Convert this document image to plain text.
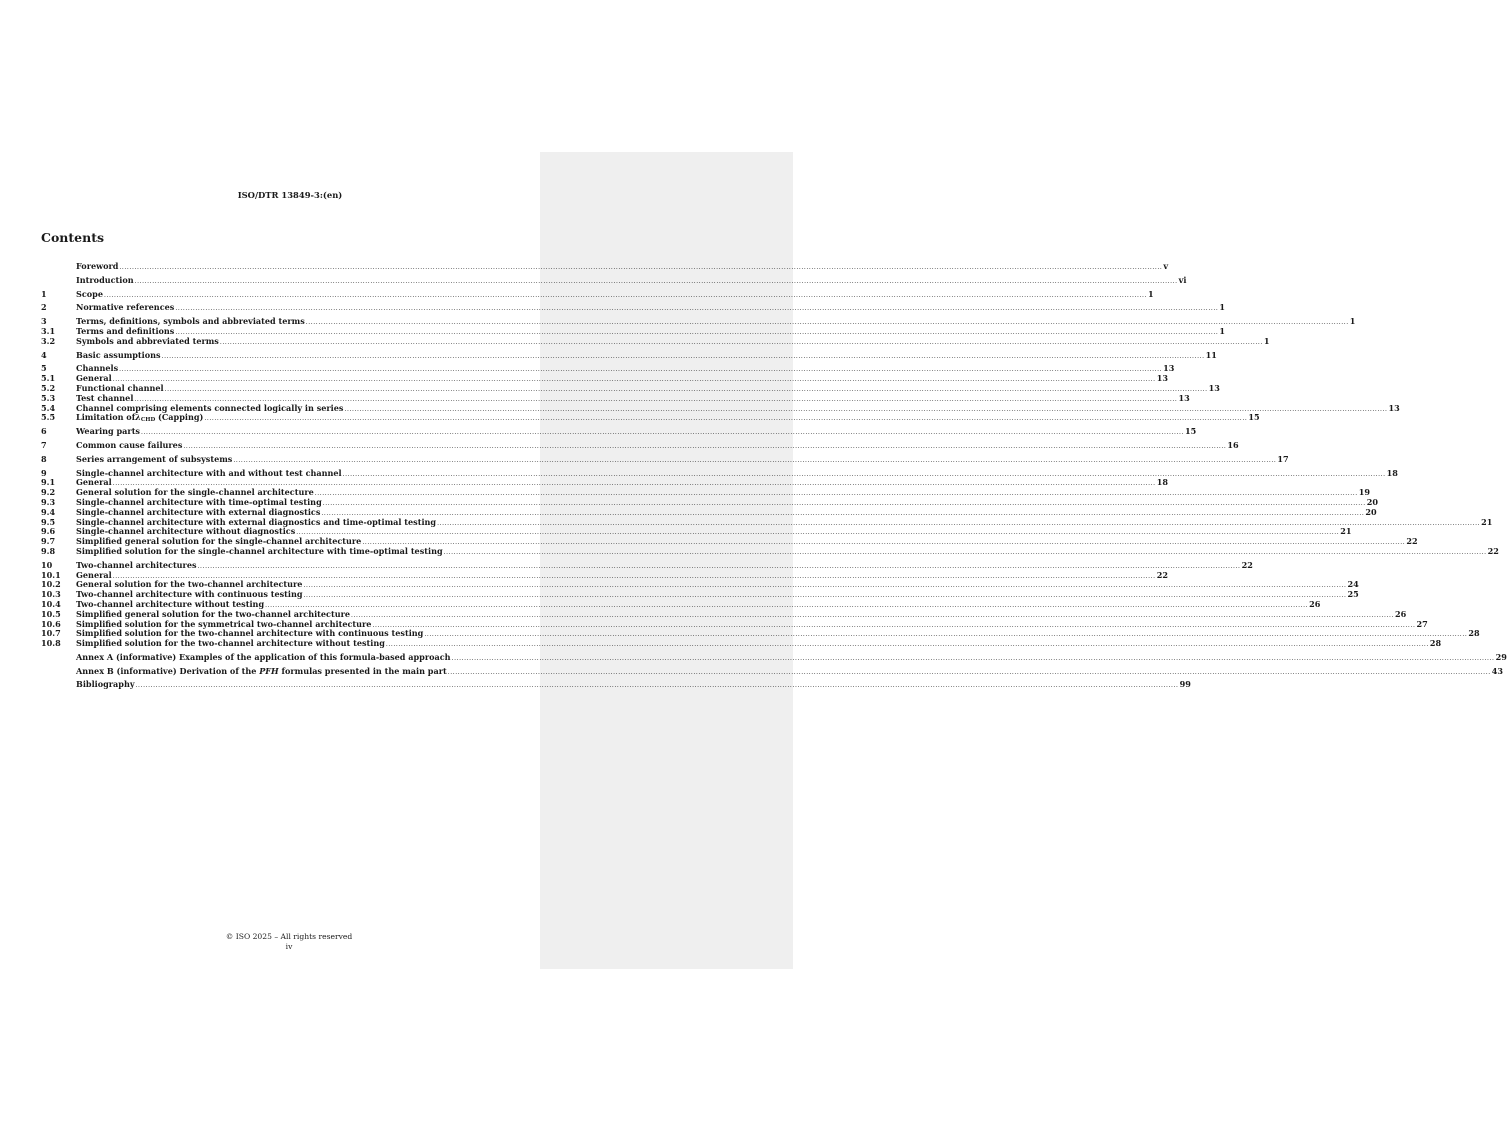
ISO/DTR 13849-3:(en)
Contents
Foreword .....	v
Introduction .....	vi
1	Scope .....	1
2	Normative references .....	1
3	Terms, definitions, symbols and abbreviated terms .....	1
3.1	Terms and definitions .....	1
3.2	Symbols and abbreviated terms .....	1
4	Basic assumptions .....	11
5	Channels .....	13
5.1	General .....	13
5.2	Functional channel .....	13
5.3	Test channel .....	13
5.4	Channel comprising elements connected logically in series .....	13
5.5	Limitation ofλ$_{CHD}$ (Capping) .....	15
6	Wearing parts .....	15
7	Common cause failures .....	16
8	Series arrangement of subsystems .....	17
9	Single-channel architecture with and without test channel .....	18
9.1	General .....	18
9.2	General solution for the single-channel architecture .....	19
9.3	Single-channel architecture with time-optimal testing .....	20
9.4	Single-channel architecture with external diagnostics .....	20
9.5	Single-channel architecture with external diagnostics and time-optimal testing .....	21
9.6	Single-channel architecture without diagnostics .....	21
9.7	Simplified general solution for the single-channel architecture .....	22
9.8	Simplified solution for the single-channel architecture with time-optimal testing .....	22
10	Two-channel architectures .....	22
10.1	General .....	22
10.2	General solution for the two-channel architecture .....	24
10.3	Two-channel architecture with continuous testing .....	25
10.4	Two-channel architecture without testing .....	26
10.5	Simplified general solution for the two-channel architecture .....	26
10.6	Simplified solution for the symmetrical two-channel architecture .....	27
10.7	Simplified solution for the two-channel architecture with continuous testing .....	28
10.8	Simplified solution for the two-channel architecture without testing .....	28
Annex A (informative) Examples of the application of this formula-based approach .....	29
Annex B (informative) Derivation of the PFH formulas presented in the main part .....	43
Bibliography .....	99
© ISO 2025 – All rights reserved
iv
